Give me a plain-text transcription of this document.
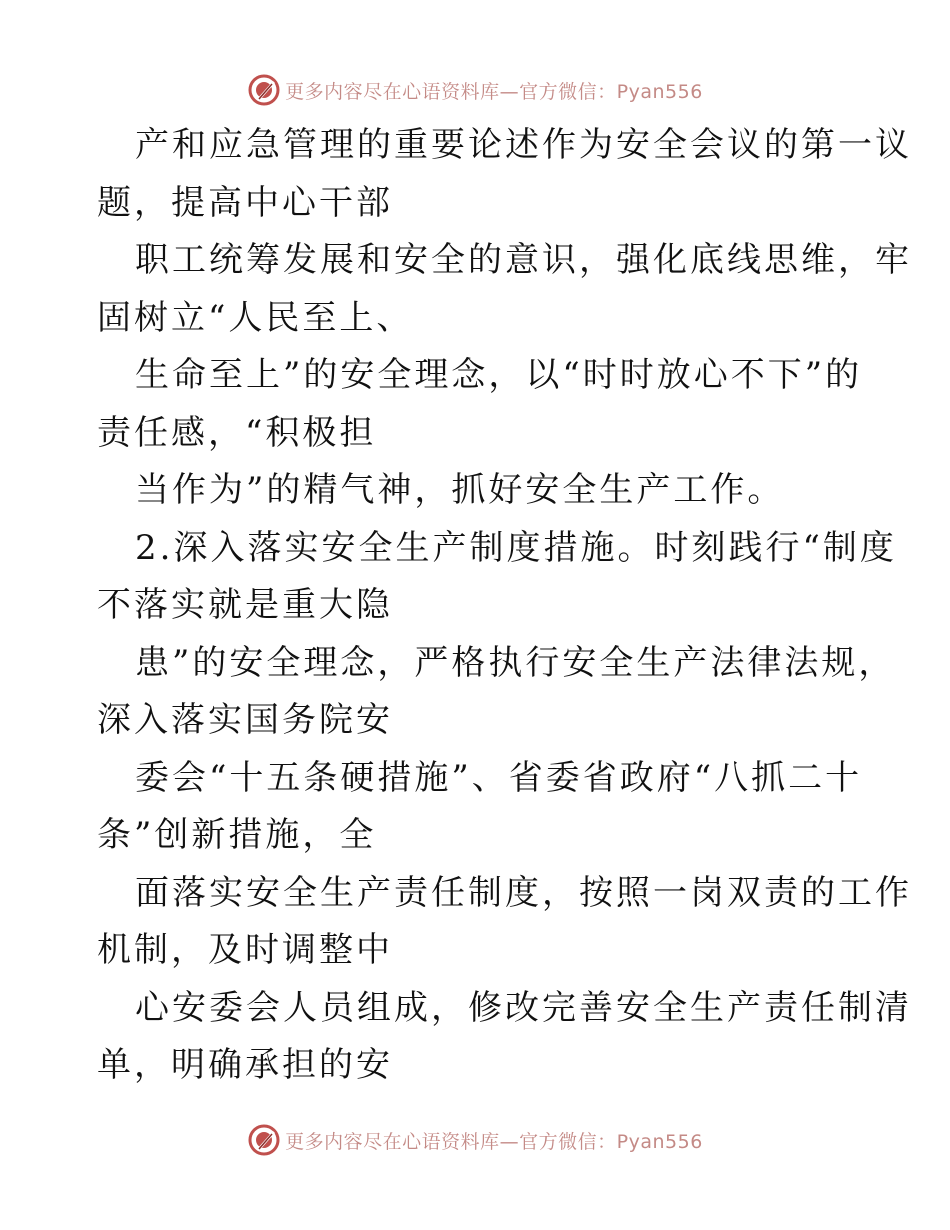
更多内容尽在心语资料库—官方微信：Pyan556
产和应急管理的重要论述作为安全会议的第一议
题，提高中心干部
职工统筹发展和安全的意识，强化底线思维，牢
固树立“人民至上、
生命至上”的安全理念，以“时时放心不下”的
责任感，“积极担
当作为”的精气神，抓好安全生产工作。
2.深入落实安全生产制度措施。时刻践行“制度
不落实就是重大隐
患”的安全理念，严格执行安全生产法律法规，
深入落实国务院安
委会“十五条硬措施”、省委省政府“八抓二十
条”创新措施，全
面落实安全生产责任制度，按照一岗双责的工作
机制，及时调整中
心安委会人员组成，修改完善安全生产责任制清
单，明确承担的安
更多内容尽在心语资料库—官方微信：Pyan556
